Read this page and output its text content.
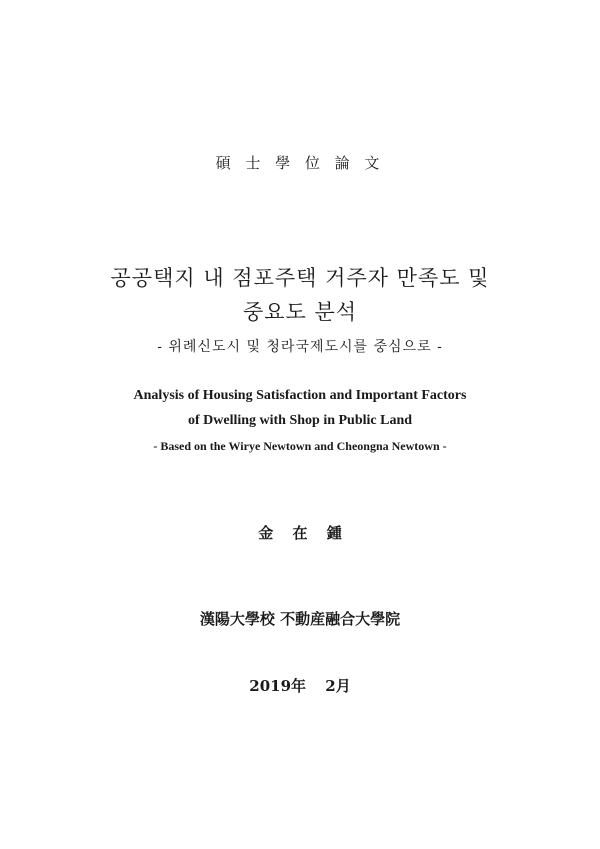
碩 士 學 位 論 文
공공택지 내 점포주택 거주자 만족도 및
중요도 분석
- 위례신도시 및 청라국제도시를 중심으로 -
Analysis of Housing Satisfaction and Important Factors
of Dwelling with Shop in Public Land
- Based on the Wirye Newtown and Cheongna Newtown -
金 在 鍾
漢陽大學校 不動産融合大學院
2019年 2月
